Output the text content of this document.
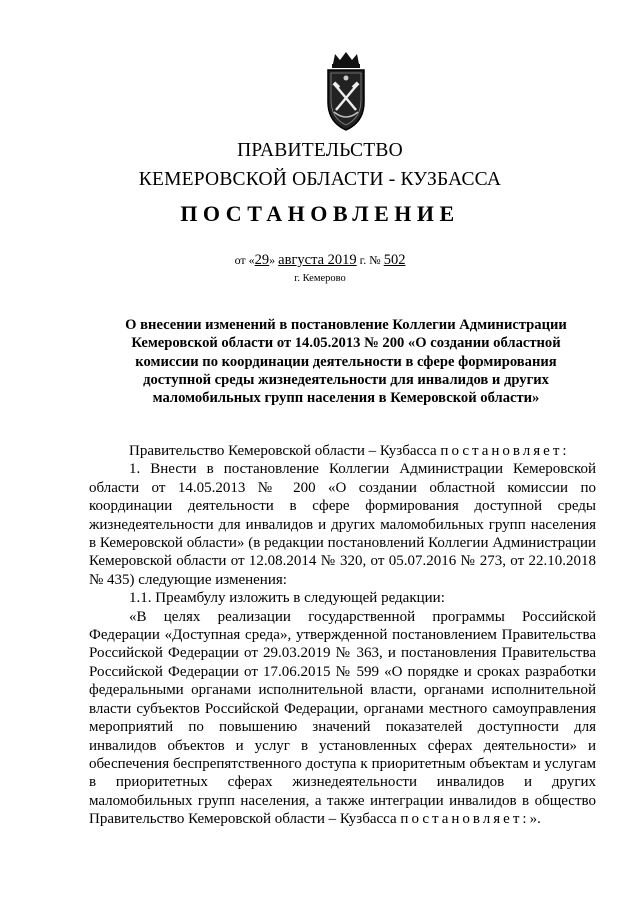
ПРАВИТЕЛЬСТВО
КЕМЕРОВСКОЙ ОБЛАСТИ - КУЗБАССА
ПОСТАНОВЛЕНИЕ
от «29» августа 2019 г. № 502
г. Кемерово
О внесении изменений в постановление Коллегии Администрации
Кемеровской области от 14.05.2013 № 200 «О создании областной
комиссии по координации деятельности в сфере формирования
доступной среды жизнедеятельности для инвалидов и других
маломобильных групп населения в Кемеровской области»

Правительство Кемеровской области – Кузбасса постановляет:

1. Внести в постановление Коллегии Администрации Кемеровской области от 14.05.2013 № 200 «О создании областной комиссии по координации деятельности в сфере формирования доступной среды жизнедеятельности для инвалидов и других маломобильных групп населения в Кемеровской области» (в редакции постановлений Коллегии Администрации Кемеровской области от 12.08.2014 № 320, от 05.07.2016 № 273, от 22.10.2018 № 435) следующие изменения:

1.1. Преамбулу изложить в следующей редакции:

«В целях реализации государственной программы Российской Федерации «Доступная среда», утвержденной постановлением Правительства Российской Федерации от 29.03.2019 № 363, и постановления Правительства Российской Федерации от 17.06.2015 № 599 «О порядке и сроках разработки федеральными органами исполнительной власти, органами исполнительной власти субъектов Российской Федерации, органами местного самоуправления мероприятий по повышению значений показателей доступности для инвалидов объектов и услуг в установленных сферах деятельности» и обеспечения беспрепятственного доступа к приоритетным объектам и услугам в приоритетных сферах жизнедеятельности инвалидов и других маломобильных групп населения, а также интеграции инвалидов в общество Правительство Кемеровской области – Кузбасса постановляет:».
